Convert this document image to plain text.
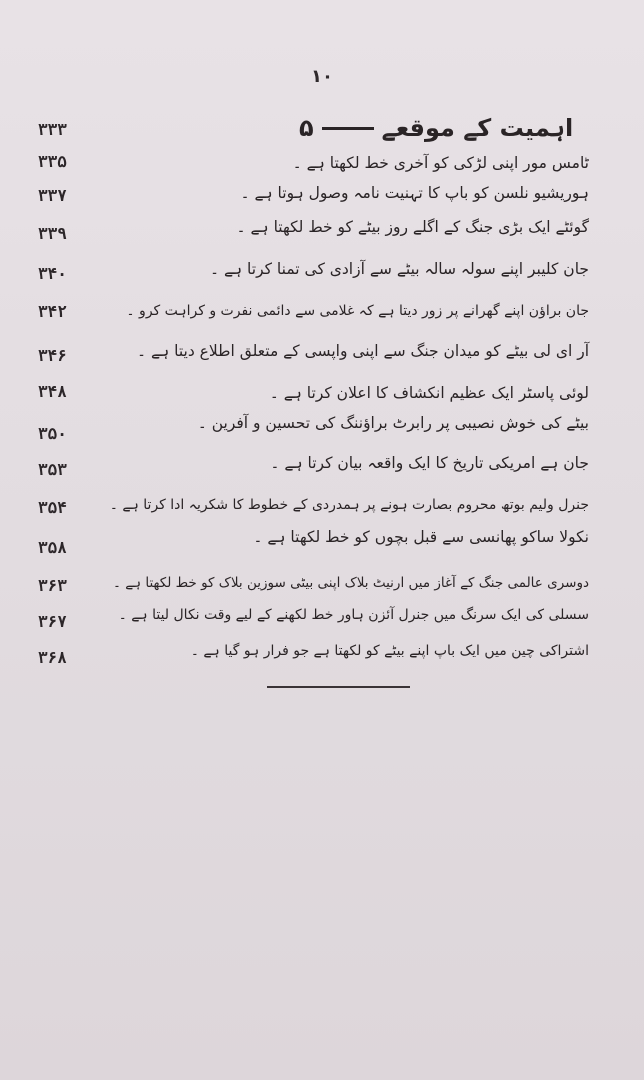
۱۰
۵	اہمیت کے موقعے
ٹامس مور اپنی لڑکی کو آخری خط لکھتا ہے ۔
ہوریشیو نلسن کو باپ کا تہنیت نامہ وصول ہوتا ہے ۔
گوئٹے ایک بڑی جنگ کے اگلے روز بیٹے کو خط لکھتا ہے ۔
جان کلیبر اپنے سولہ سالہ بیٹے سے آزادی کی تمنا کرتا ہے ۔
جان براؤن اپنے گھرانے پر زور دیتا ہے کہ غلامی سے دائمی نفرت و کراہت کرو ۔
آر ای لی بیٹے کو میدان جنگ سے اپنی واپسی کے متعلق اطلاع دیتا ہے ۔
لوئی پاسٹر ایک عظیم انکشاف کا اعلان کرتا ہے ۔
بیٹے کی خوش نصیبی پر رابرٹ براؤننگ کی تحسین و آفرین ۔
جان ہے امریکی تاریخ کا ایک واقعہ بیان کرتا ہے ۔
جنرل ولیم بوتھ محروم بصارت ہونے پر ہمدردی کے خطوط کا شکریہ ادا کرتا ہے ۔
نکولا ساکو پھانسی سے قبل بچوں کو خط لکھتا ہے ۔
دوسری عالمی جنگ کے آغاز میں ارنیٹ بلاک اپنی بیٹی سوزین بلاک کو خط لکھتا ہے ۔
سسلی کی ایک سرنگ میں جنرل آئزن ہاور خط لکھنے کے لیے وقت نکال لیتا ہے ۔
اشتراکی چین میں ایک باپ اپنے بیٹے کو لکھتا ہے جو فرار ہو گیا ہے ۔
۳۳۳
۳۳۵
۳۳۷
۳۳۹
۳۴۰
۳۴۲
۳۴۶
۳۴۸
۳۵۰
۳۵۳
۳۵۴
۳۵۸
۳۶۳
۳۶۷
۳۶۸
